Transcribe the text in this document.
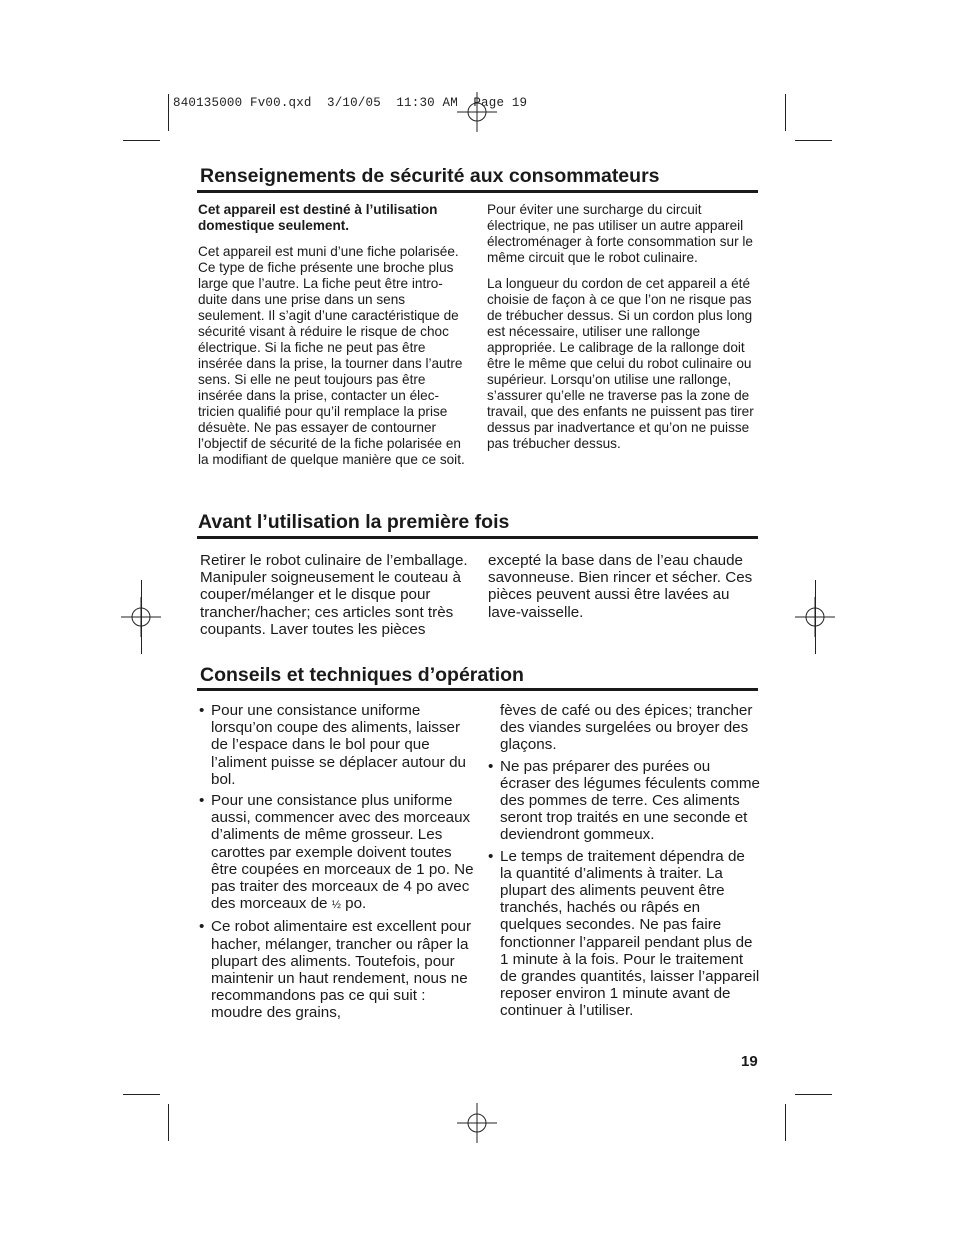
840135000 Fv00.qxd  3/10/05  11:30 AM  Page 19
Renseignements de sécurité aux consommateurs

Cet appareil est destiné à l’utilisation domestique seulement.

Cet appareil est muni d’une fiche polarisée. Ce type de fiche présente une broche plus large que l’autre. La fiche peut être intro-duite dans une prise dans un sens seulement. Il s’agit d’une caractéristique de sécurité visant à réduire le risque de choc électrique. Si la fiche ne peut pas être insérée dans la prise, la tourner dans l’autre sens. Si elle ne peut toujours pas être insérée dans la prise, contacter un élec-tricien qualifié pour qu’il remplace la prise désuète. Ne pas essayer de contourner l’objectif de sécurité de la fiche polarisée en la modifiant de quelque manière que ce soit.

Pour éviter une surcharge du circuit électrique, ne pas utiliser un autre appareil électroménager à forte consommation sur le même circuit que le robot culinaire.

La longueur du cordon de cet appareil a été choisie de façon à ce que l’on ne risque pas de trébucher dessus. Si un cordon plus long est nécessaire, utiliser une rallonge appropriée. Le calibrage de la rallonge doit être le même que celui du robot culinaire ou supérieur. Lorsqu’on utilise une rallonge, s’assurer qu’elle ne traverse pas la zone de travail, que des enfants ne puissent pas tirer dessus par inadvertance et qu’on ne puisse pas trébucher dessus.

Avant l’utilisation la première fois

Retirer le robot culinaire de l’emballage. Manipuler soigneusement le couteau à couper/mélanger et le disque pour trancher/hacher; ces articles sont très coupants. Laver toutes les pièces

excepté la base dans de l’eau chaude savonneuse. Bien rincer et sécher. Ces pièces peuvent aussi être lavées au lave-vaisselle.

Conseils et techniques d’opération
• Pour une consistance uniforme lorsqu’on coupe des aliments, laisser de l’espace dans le bol pour que l’aliment puisse se déplacer autour du bol.
• Pour une consistance plus uniforme aussi, commencer avec des morceaux d’aliments de même grosseur. Les carottes par exemple doivent toutes être coupées en morceaux de 1 po. Ne pas traiter des morceaux de 4 po avec des morceaux de ½ po.
• Ce robot alimentaire est excellent pour hacher, mélanger, trancher ou râper la plupart des aliments. Toutefois, pour maintenir un haut rendement, nous ne recommandons pas ce qui suit : moudre des grains,
fèves de café ou des épices; trancher des viandes surgelées ou broyer des glaçons.
• Ne pas préparer des purées ou écraser des légumes féculents comme des pommes de terre. Ces aliments seront trop traités en une seconde et deviendront gommeux.
• Le temps de traitement dépendra de la quantité d’aliments à traiter. La plupart des aliments peuvent être tranchés, hachés ou râpés en quelques secondes. Ne pas faire fonctionner l’appareil pendant plus de 1 minute à la fois. Pour le traitement de grandes quantités, laisser l’appareil reposer environ 1 minute avant de continuer à l’utiliser.
19
